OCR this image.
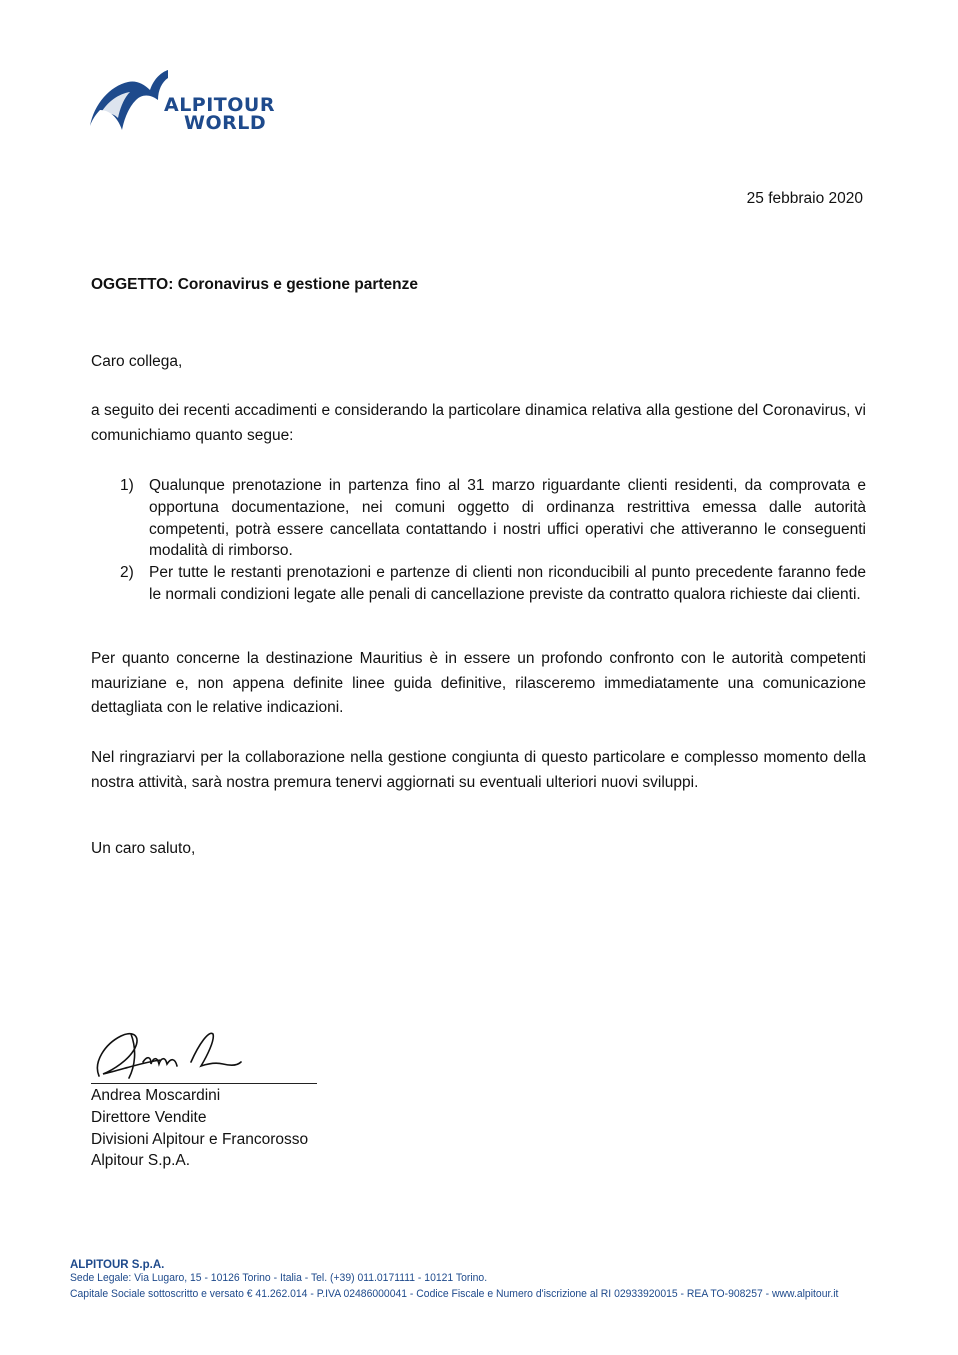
ALPITOUR
WORLD
25 febbraio 2020
OGGETTO: Coronavirus e gestione partenze
Caro collega,

a seguito dei recenti accadimenti e considerando la particolare dinamica relativa alla gestione del Coronavirus, vi comunichiamo quanto segue:

1) Qualunque prenotazione in partenza fino al 31 marzo riguardante clienti residenti, da comprovata e opportuna documentazione, nei comuni oggetto di ordinanza restrittiva emessa dalle autorità competenti, potrà essere cancellata contattando i nostri uffici operativi che attiveranno le conseguenti modalità di rimborso.
2) Per tutte le restanti prenotazioni e partenze di clienti non riconducibili al punto precedente faranno fede le normali condizioni legate alle penali di cancellazione previste da contratto qualora richieste dai clienti.

Per quanto concerne la destinazione Mauritius è in essere un profondo confronto con le autorità competenti mauriziane e, non appena definite linee guida definitive, rilasceremo immediatamente una comunicazione dettagliata con le relative indicazioni.

Nel ringraziarvi per la collaborazione nella gestione congiunta di questo particolare e complesso momento della nostra attività, sarà nostra premura tenervi aggiornati su eventuali ulteriori nuovi sviluppi.

Un caro saluto,
Andrea Moscardini
Direttore Vendite
Divisioni Alpitour e Francorosso
Alpitour S.p.A.
ALPITOUR S.p.A.
Sede Legale: Via Lugaro, 15 - 10126 Torino - Italia - Tel. (+39) 011.0171111 - 10121 Torino.
Capitale Sociale sottoscritto e versato € 41.262.014 - P.IVA 02486000041 - Codice Fiscale e Numero d'iscrizione al RI 02933920015 - REA TO-908257 - www.alpitour.it
